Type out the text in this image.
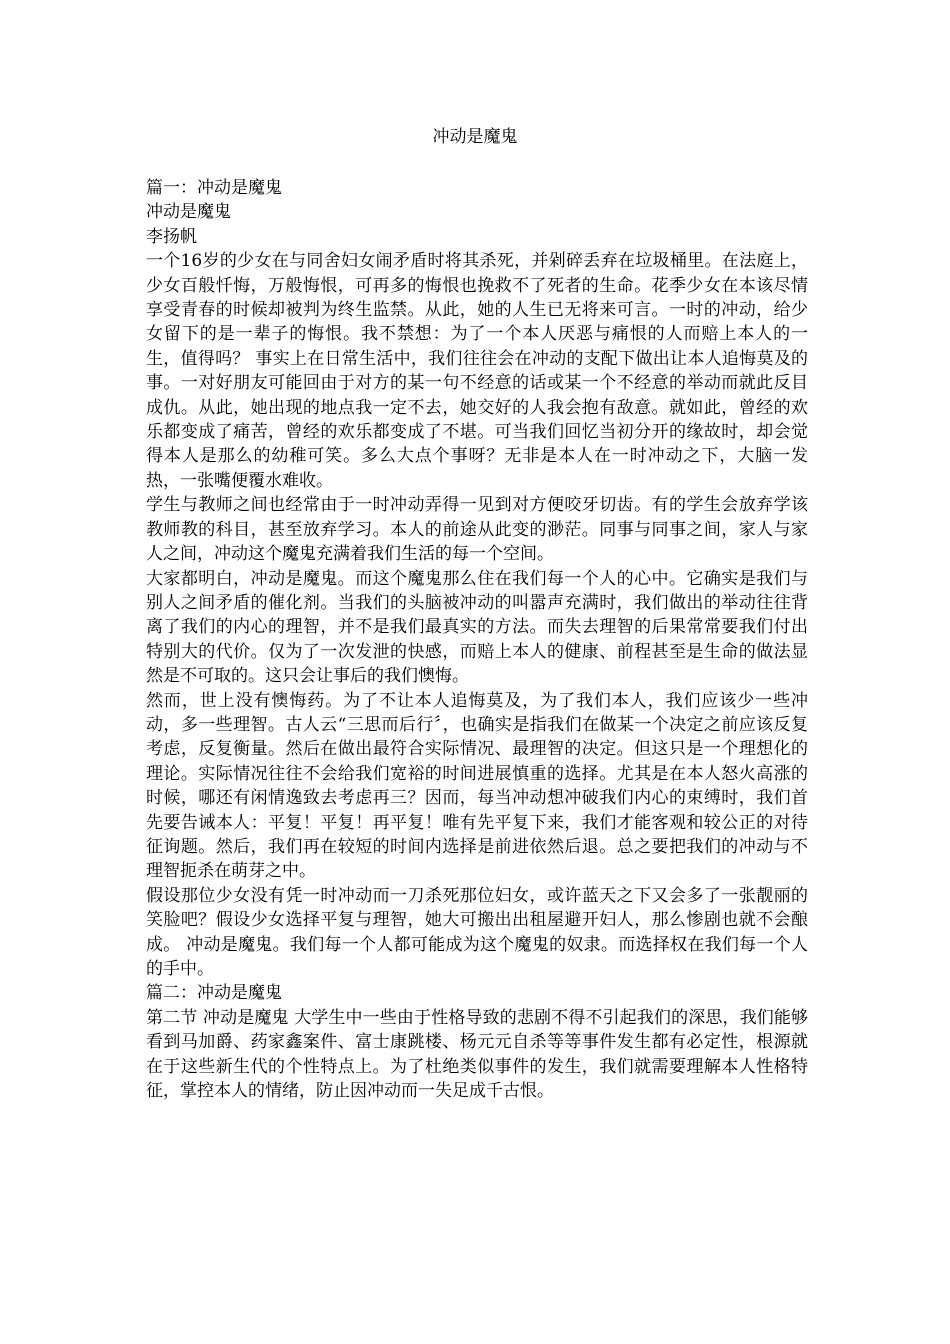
冲动是魔鬼

篇一：冲动是魔鬼

冲动是魔鬼

李扬帆

一个16岁的少女在与同舍妇女闹矛盾时将其杀死，并剁碎丢弃在垃圾桶里。在法庭上，少女百般忏悔，万般悔恨，可再多的悔恨也挽救不了死者的生命。花季少女在本该尽情享受青春的时候却被判为终生监禁。从此，她的人生已无将来可言。一时的冲动，给少女留下的是一辈子的悔恨。我不禁想：为了一个本人厌恶与痛恨的人而赔上本人的一生，值得吗？ 事实上在日常生活中，我们往往会在冲动的支配下做出让本人追悔莫及的事。一对好朋友可能回由于对方的某一句不经意的话或某一个不经意的举动而就此反目成仇。从此，她出现的地点我一定不去，她交好的人我会抱有敌意。就如此，曾经的欢乐都变成了痛苦，曾经的欢乐都变成了不堪。可当我们回忆当初分开的缘故时，却会觉得本人是那么的幼稚可笑。多么大点个事呀？无非是本人在一时冲动之下，大脑一发热，一张嘴便覆水难收。

学生与教师之间也经常由于一时冲动弄得一见到对方便咬牙切齿。有的学生会放弃学该教师教的科目，甚至放弃学习。本人的前途从此变的渺茫。同事与同事之间，家人与家人之间，冲动这个魔鬼充满着我们生活的每一个空间。

大家都明白，冲动是魔鬼。而这个魔鬼那么住在我们每一个人的心中。它确实是我们与别人之间矛盾的催化剂。当我们的头脑被冲动的叫嚣声充满时，我们做出的举动往往背离了我们的内心的理智，并不是我们最真实的方法。而失去理智的后果常常要我们付出特别大的代价。仅为了一次发泄的快感，而赔上本人的健康、前程甚至是生命的做法显然是不可取的。这只会让事后的我们懊悔。

然而，世上没有懊悔药。为了不让本人追悔莫及，为了我们本人，我们应该少一些冲动，多一些理智。古人云“三思而后行〞，也确实是指我们在做某一个决定之前应该反复考虑，反复衡量。然后在做出最符合实际情况、最理智的决定。但这只是一个理想化的理论。实际情况往往不会给我们宽裕的时间进展慎重的选择。尤其是在本人怒火高涨的时候，哪还有闲情逸致去考虑再三？因而，每当冲动想冲破我们内心的束缚时，我们首先要告诫本人：平复！平复！再平复！唯有先平复下来，我们才能客观和较公正的对待征询题。然后，我们再在较短的时间内选择是前进依然后退。总之要把我们的冲动与不理智扼杀在萌芽之中。

假设那位少女没有凭一时冲动而一刀杀死那位妇女，或许蓝天之下又会多了一张靓丽的笑脸吧？假设少女选择平复与理智，她大可搬出出租屋避开妇人，那么惨剧也就不会酿成。 冲动是魔鬼。我们每一个人都可能成为这个魔鬼的奴隶。而选择权在我们每一个人的手中。

篇二：冲动是魔鬼

第二节 冲动是魔鬼 大学生中一些由于性格导致的悲剧不得不引起我们的深思，我们能够看到马加爵、药家鑫案件、富士康跳楼、杨元元自杀等等事件发生都有必定性，根源就在于这些新生代的个性特点上。为了杜绝类似事件的发生，我们就需要理解本人性格特征，掌控本人的情绪，防止因冲动而一失足成千古恨。
